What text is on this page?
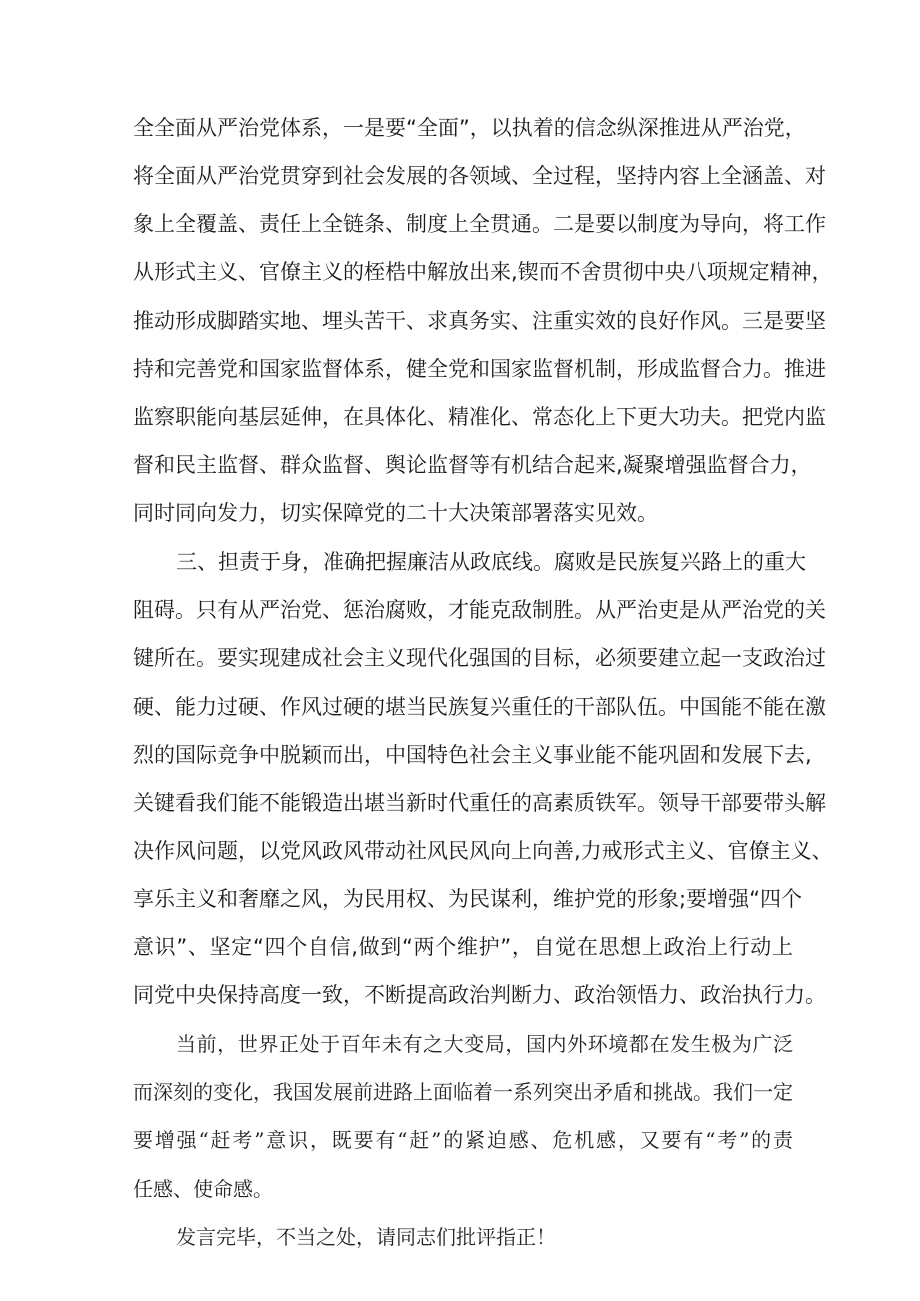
全全面从严治党体系，一是要“全面”，以执着的信念纵深推进从严治党，
将全面从严治党贯穿到社会发展的各领域、全过程，坚持内容上全涵盖、对
象上全覆盖、责任上全链条、制度上全贯通。二是要以制度为导向，将工作
从形式主义、官僚主义的桎梏中解放出来,锲而不舍贯彻中央八项规定精神，
推动形成脚踏实地、埋头苦干、求真务实、注重实效的良好作风。三是要坚
持和完善党和国家监督体系，健全党和国家监督机制，形成监督合力。推进
监察职能向基层延伸，在具体化、精准化、常态化上下更大功夫。把党内监
督和民主监督、群众监督、舆论监督等有机结合起来,凝聚增强监督合力，
同时同向发力，切实保障党的二十大决策部署落实见效。
三、担责于身，准确把握廉洁从政底线。腐败是民族复兴路上的重大
阻碍。只有从严治党、惩治腐败，才能克敌制胜。从严治吏是从严治党的关
键所在。要实现建成社会主义现代化强国的目标，必须要建立起一支政治过
硬、能力过硬、作风过硬的堪当民族复兴重任的干部队伍。中国能不能在激
烈的国际竞争中脱颖而出，中国特色社会主义事业能不能巩固和发展下去,
关键看我们能不能锻造出堪当新时代重任的高素质铁军。领导干部要带头解
决作风问题，以党风政风带动社风民风向上向善,力戒形式主义、官僚主义、
享乐主义和奢靡之风，为民用权、为民谋利，维护党的形象;要增强“四个
意识”、坚定“四个自信,做到“两个维护”，自觉在思想上政治上行动上
同党中央保持高度一致，不断提高政治判断力、政治领悟力、政治执行力。
当前，世界正处于百年未有之大变局，国内外环境都在发生极为广泛
而深刻的变化，我国发展前进路上面临着一系列突出矛盾和挑战。我们一定
要增强“赶考”意识，既要有“赶”的紧迫感、危机感，又要有“考”的责
任感、使命感。
发言完毕，不当之处，请同志们批评指正！
